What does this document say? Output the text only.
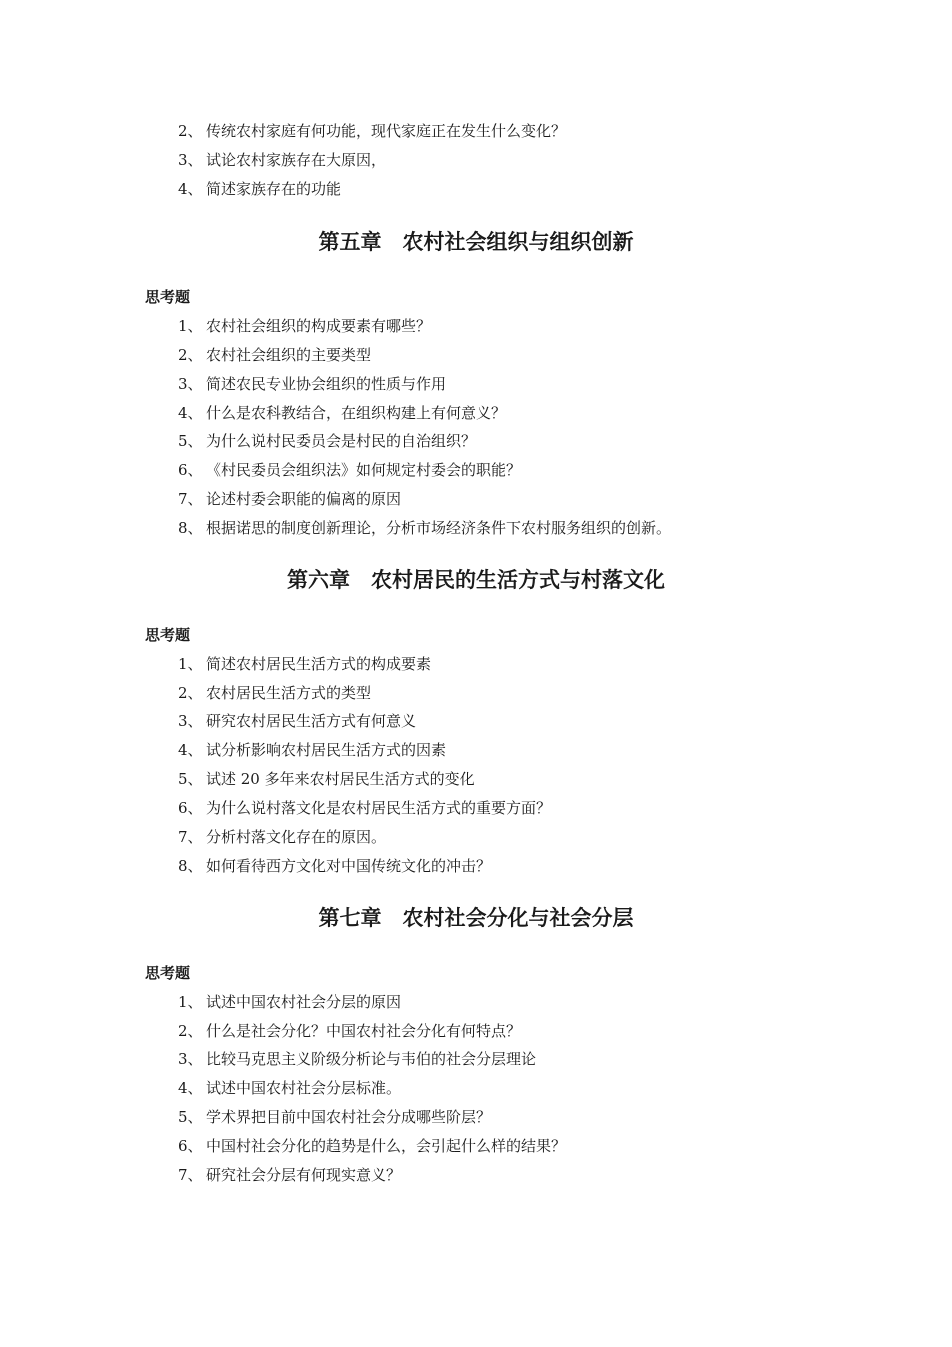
2、 传统农村家庭有何功能，现代家庭正在发生什么变化？
3、 试论农村家族存在大原因，
4、 简述家族存在的功能
第五章　农村社会组织与组织创新
思考题
1、 农村社会组织的构成要素有哪些？
2、 农村社会组织的主要类型
3、 简述农民专业协会组织的性质与作用
4、 什么是农科教结合，在组织构建上有何意义？
5、 为什么说村民委员会是村民的自治组织？
6、 《村民委员会组织法》如何规定村委会的职能？
7、 论述村委会职能的偏离的原因
8、 根据诺思的制度创新理论，分析市场经济条件下农村服务组织的创新。
第六章　农村居民的生活方式与村落文化
思考题
1、 简述农村居民生活方式的构成要素
2、 农村居民生活方式的类型
3、 研究农村居民生活方式有何意义
4、 试分析影响农村居民生活方式的因素
5、 试述 20 多年来农村居民生活方式的变化
6、 为什么说村落文化是农村居民生活方式的重要方面？
7、 分析村落文化存在的原因。
8、 如何看待西方文化对中国传统文化的冲击？
第七章　农村社会分化与社会分层
思考题
1、 试述中国农村社会分层的原因
2、 什么是社会分化？中国农村社会分化有何特点？
3、 比较马克思主义阶级分析论与韦伯的社会分层理论
4、 试述中国农村社会分层标准。
5、 学术界把目前中国农村社会分成哪些阶层？
6、 中国村社会分化的趋势是什么，会引起什么样的结果？
7、 研究社会分层有何现实意义？
